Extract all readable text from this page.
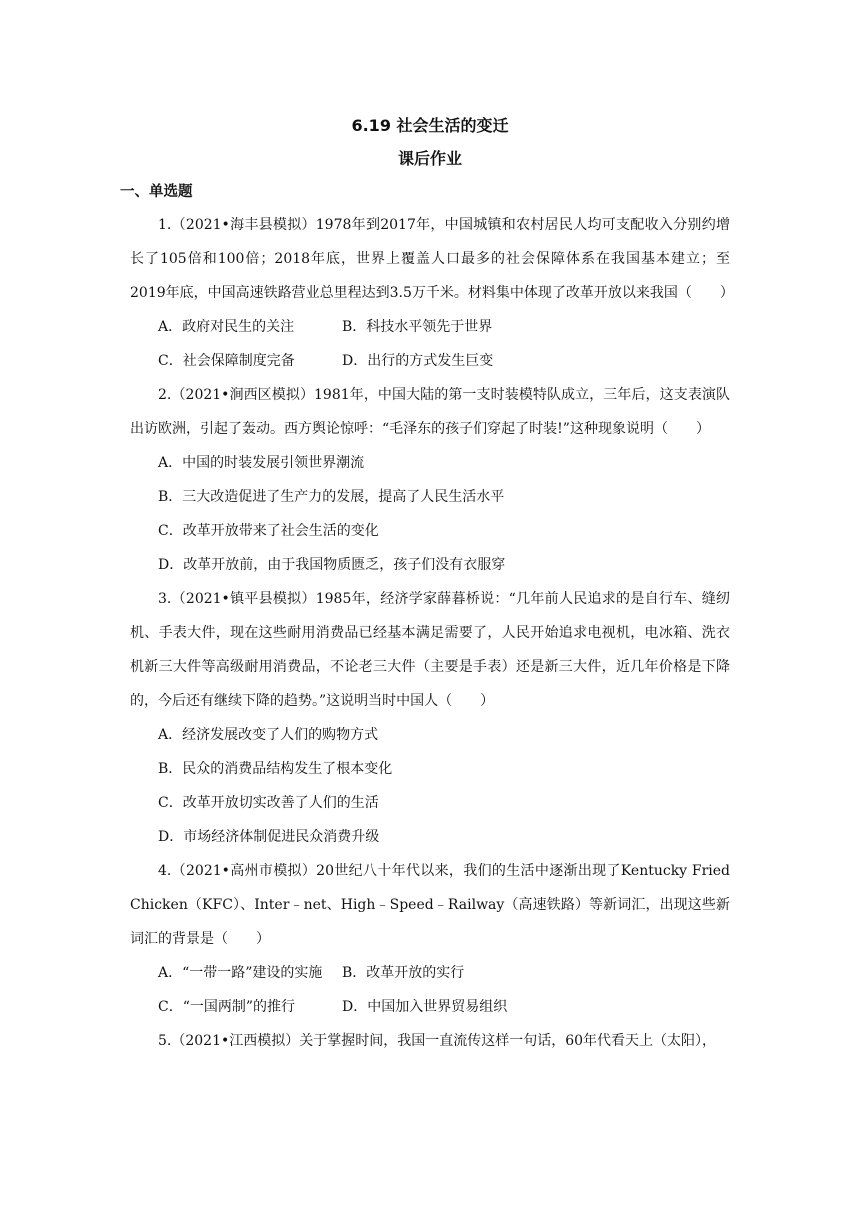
6.19 社会生活的变迁
课后作业
一、单选题

1.（2021•海丰县模拟）1978年到2017年，中国城镇和农村居民人均可支配收入分别约增长了105倍和100倍；2018年底，世界上覆盖人口最多的社会保障体系在我国基本建立；至2019年底，中国高速铁路营业总里程达到3.5万千米。材料集中体现了改革开放以来我国（　　）

A．政府对民生的关注	B．科技水平领先于世界

C．社会保障制度完备	D．出行的方式发生巨变

2.（2021•涧西区模拟）1981年，中国大陆的第一支时装模特队成立，三年后，这支表演队出访欧洲，引起了轰动。西方舆论惊呼：“毛泽东的孩子们穿起了时装!”这种现象说明（　　）

A．中国的时装发展引领世界潮流

B．三大改造促进了生产力的发展，提高了人民生活水平

C．改革开放带来了社会生活的变化

D．改革开放前，由于我国物质匮乏，孩子们没有衣服穿

3.（2021•镇平县模拟）1985年，经济学家薛暮桥说：“几年前人民追求的是自行车、缝纫机、手表大件，现在这些耐用消费品已经基本满足需要了，人民开始追求电视机，电冰箱、洗衣机新三大件等高级耐用消费品，不论老三大件（主要是手表）还是新三大件，近几年价格是下降的，今后还有继续下降的趋势。”这说明当时中国人（　　）

A．经济发展改变了人们的购物方式

B．民众的消费品结构发生了根本变化

C．改革开放切实改善了人们的生活

D．市场经济体制促进民众消费升级

4.（2021•高州市模拟）20世纪八十年代以来，我们的生活中逐渐出现了Kentucky Fried Chicken（KFC）、Inter﹣net、High﹣Speed﹣Railway（高速铁路）等新词汇，出现这些新词汇的背景是（　　）

A．“一带一路”建设的实施 B．改革开放的实行

C．“一国两制”的推行	D．中国加入世界贸易组织

5.（2021•江西模拟）关于掌握时间，我国一直流传这样一句话，60年代看天上（太阳），
